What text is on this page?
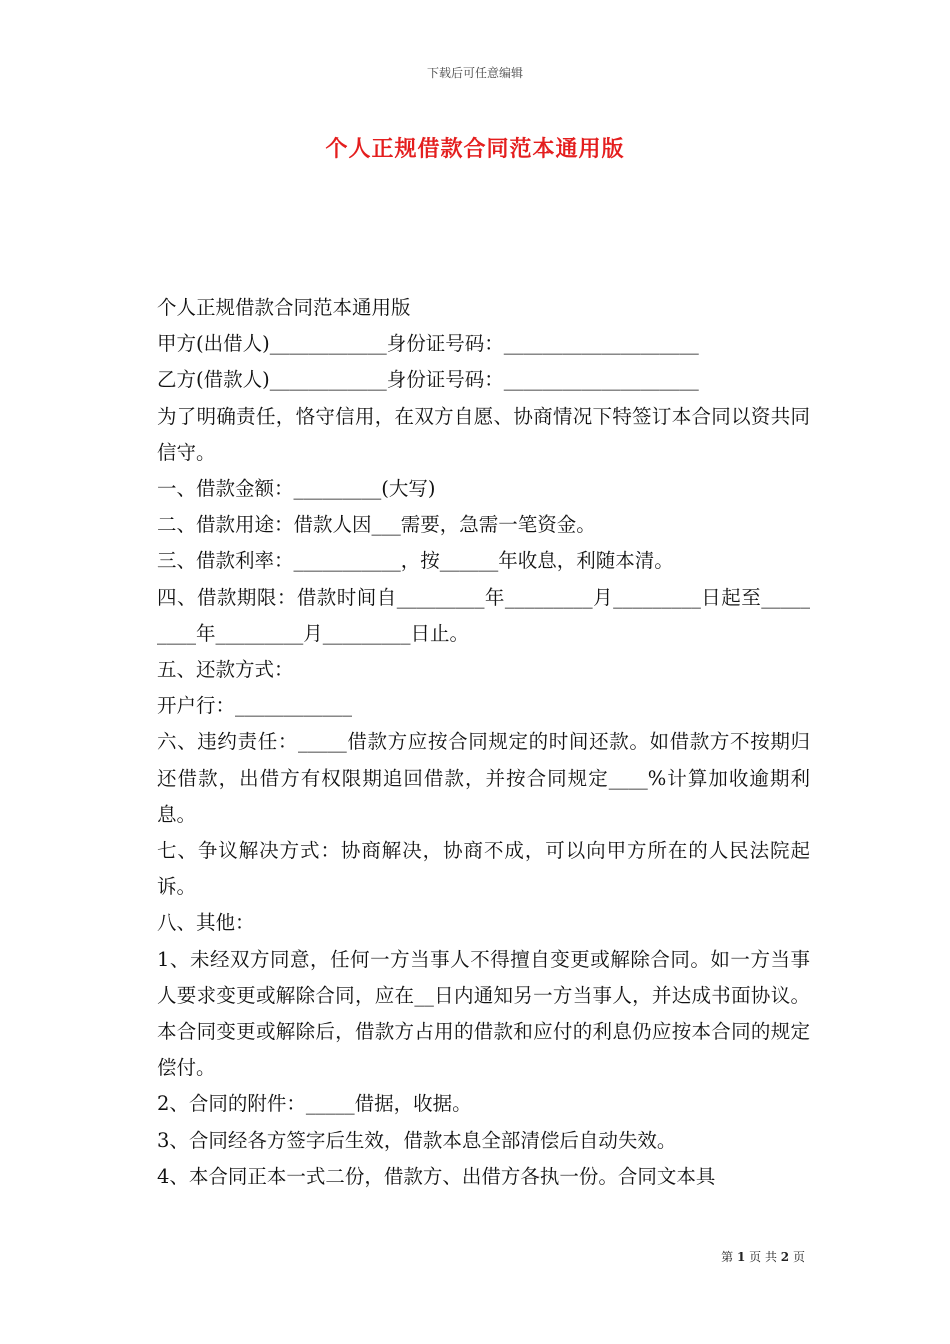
下载后可任意编辑
个人正规借款合同范本通用版

个人正规借款合同范本通用版

甲方(出借人)____________身份证号码：____________________

乙方(借款人)____________身份证号码：____________________

为了明确责任，恪守信用，在双方自愿、协商情况下特签订本合同以资共同信守。

一、借款金额：_________(大写)

二、借款用途：借款人因___需要，急需一笔资金。

三、借款利率：___________，按______年收息，利随本清。

四、借款期限：借款时间自_________年_________月_________日起至_________年_________月_________日止。

五、还款方式：

开户行：____________

六、违约责任：_____借款方应按合同规定的时间还款。如借款方不按期归还借款，出借方有权限期追回借款，并按合同规定____%计算加收逾期利息。

七、争议解决方式：协商解决，协商不成，可以向甲方所在的人民法院起诉。

八、其他：

1、未经双方同意，任何一方当事人不得擅自变更或解除合同。如一方当事人要求变更或解除合同，应在__日内通知另一方当事人，并达成书面协议。本合同变更或解除后，借款方占用的借款和应付的利息仍应按本合同的规定偿付。

2、合同的附件：_____借据，收据。

3、合同经各方签字后生效，借款本息全部清偿后自动失效。

4、本合同正本一式二份，借款方、出借方各执一份。合同文本具

第 1 页 共 2 页
